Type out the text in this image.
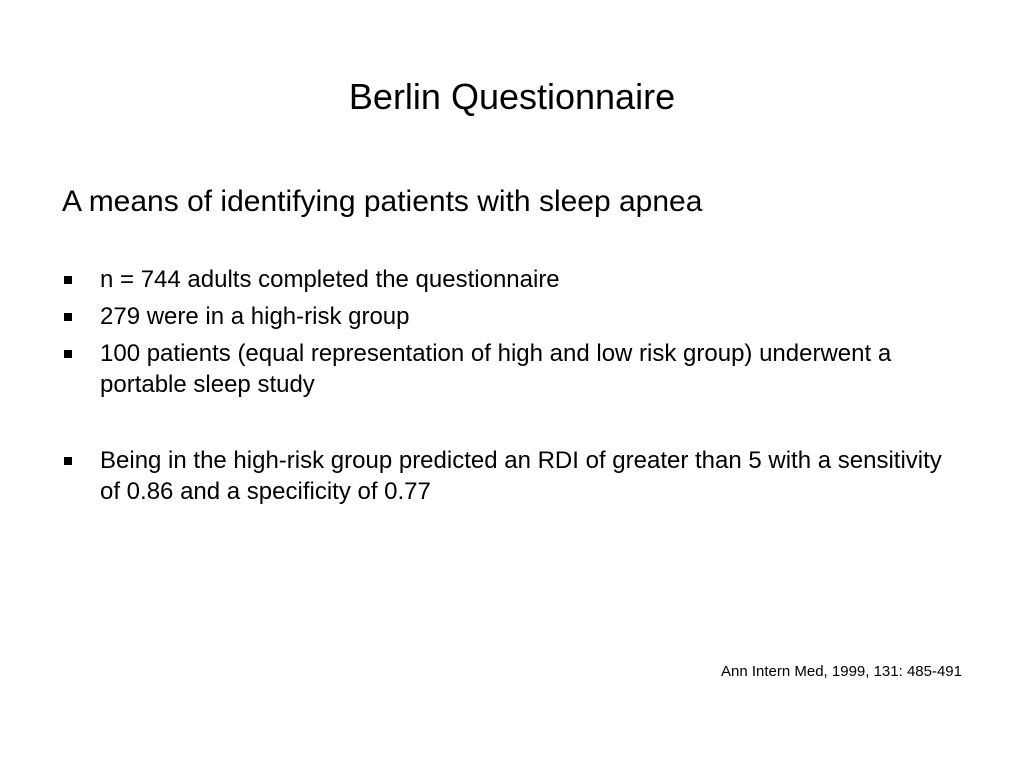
Berlin Questionnaire
A means of identifying patients with sleep apnea
n = 744 adults completed the questionnaire
279 were in a high-risk group
100 patients (equal representation of high and low risk group) underwent a portable sleep study
Being in the high-risk group predicted an RDI of greater than 5 with a sensitivity of 0.86 and a specificity of 0.77
Ann Intern Med, 1999, 131: 485-491
